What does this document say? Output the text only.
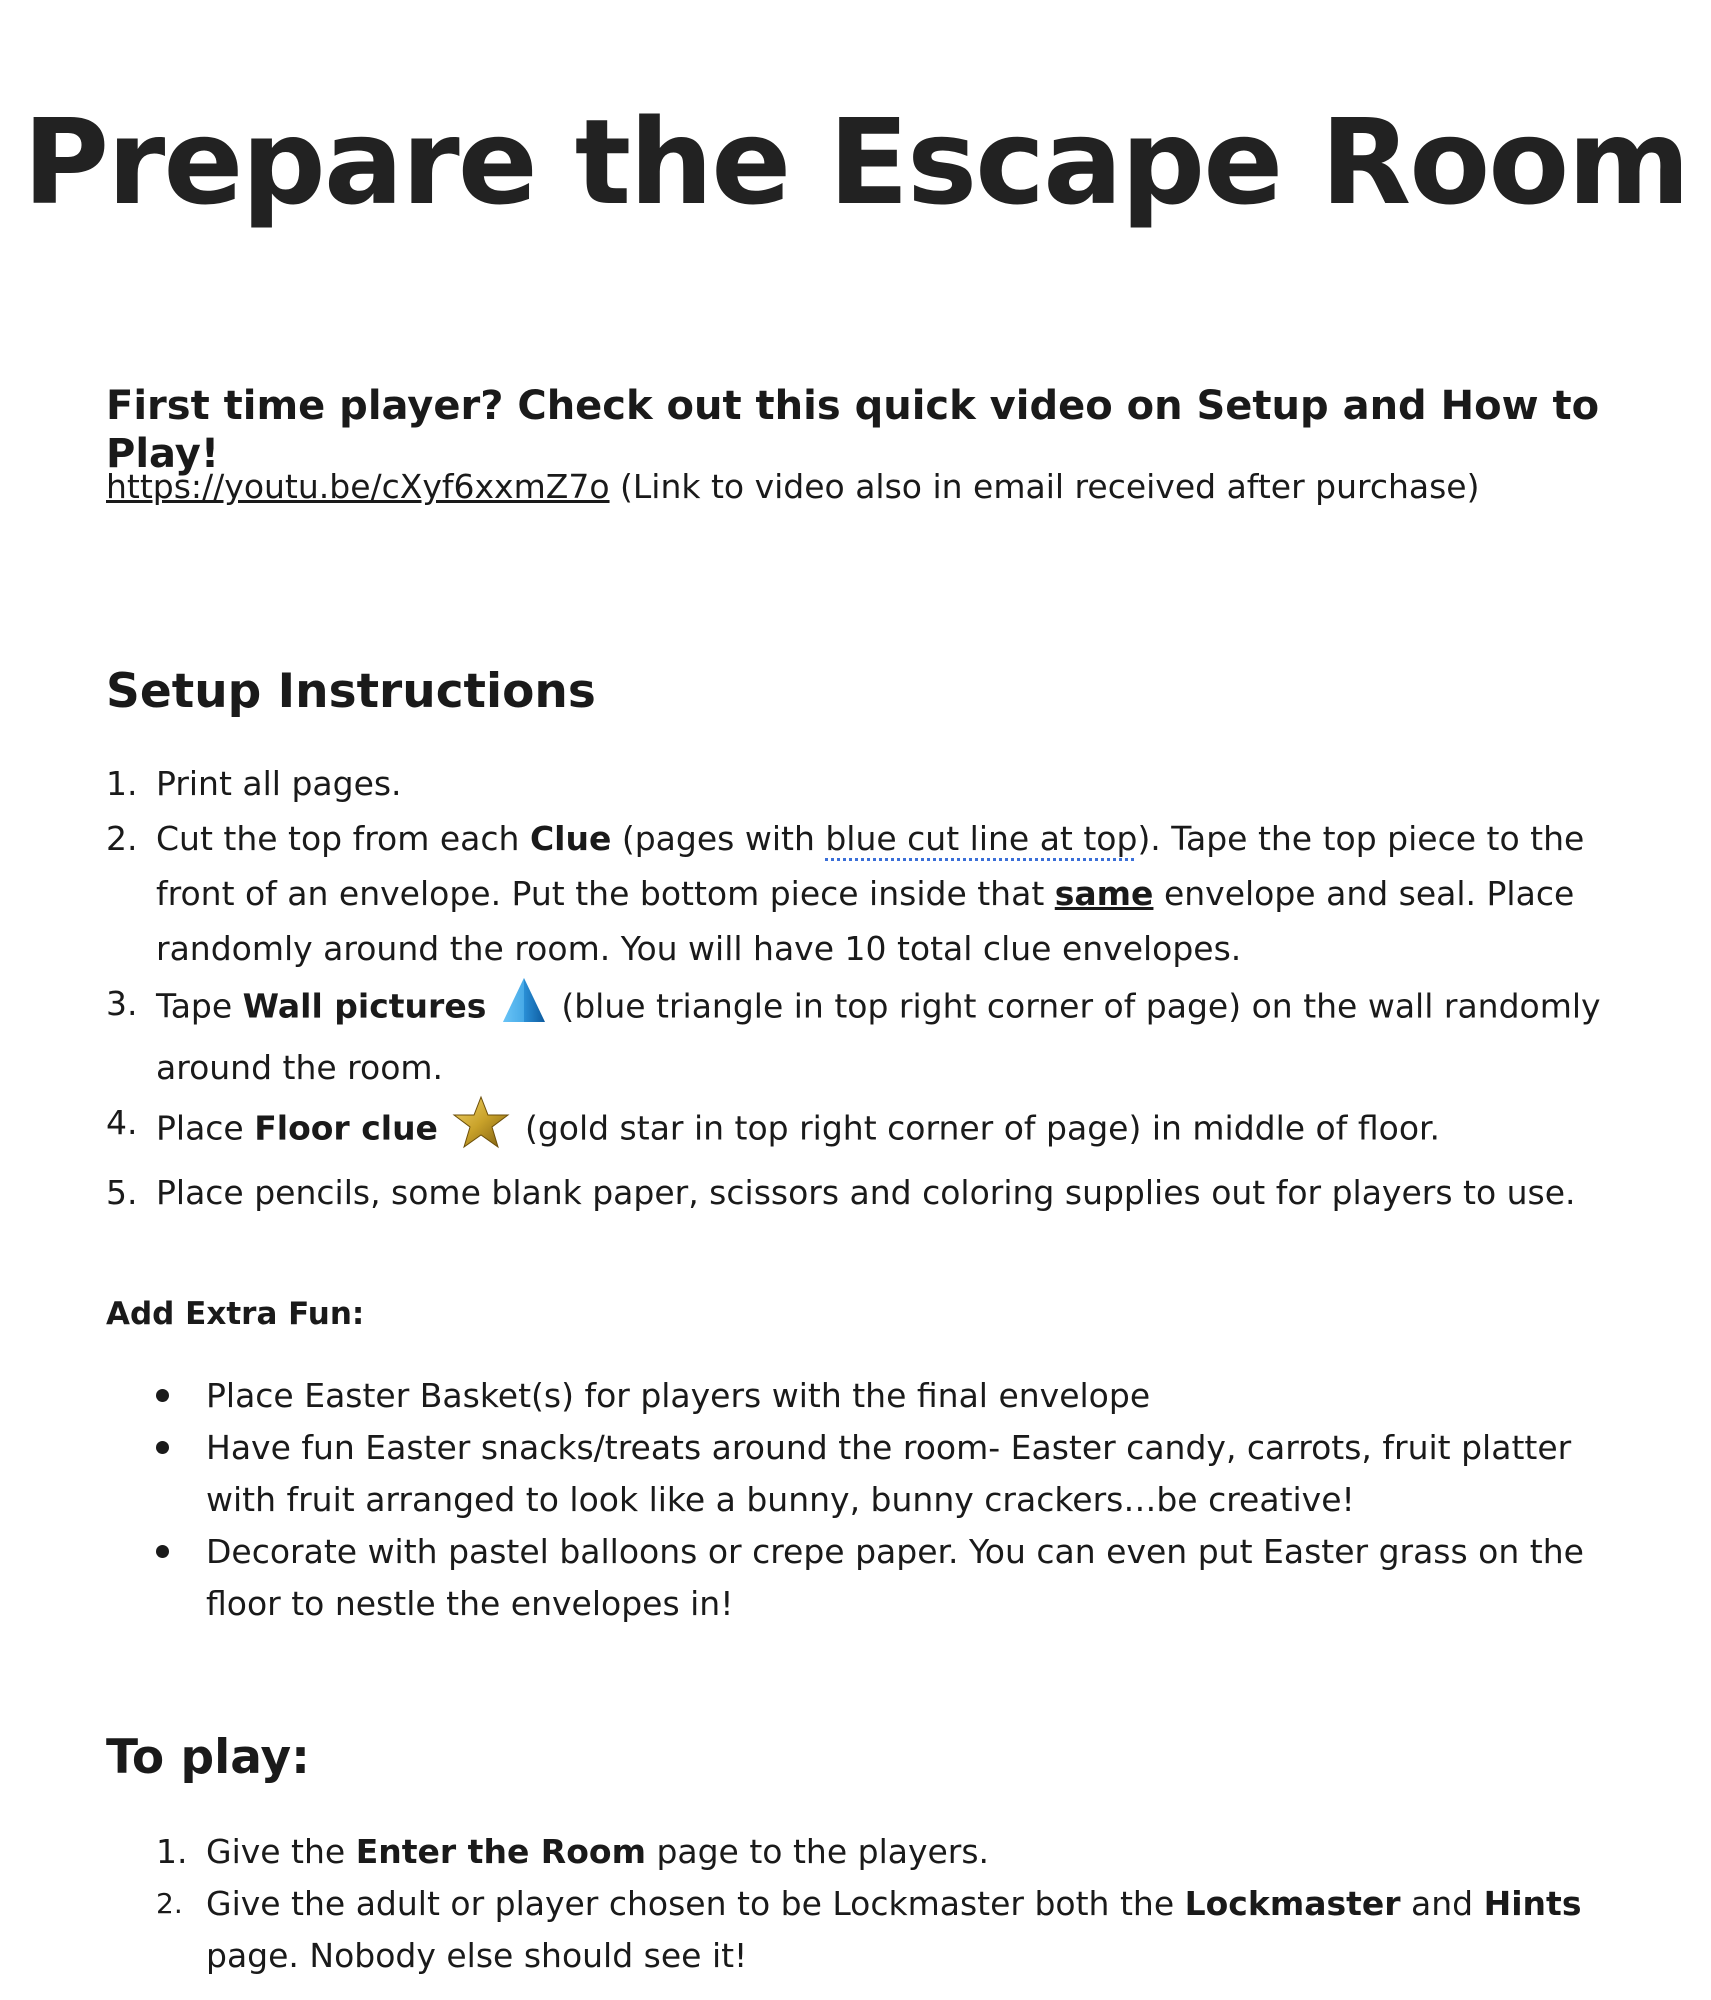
Prepare the Escape Room
First time player? Check out this quick video on Setup and How to Play!
https://youtu.be/cXyf6xxmZ7o (Link to video also in email received after purchase)
Setup Instructions
1. Print all pages.
2. Cut the top from each Clue (pages with blue cut line at top). Tape the top piece to the front of an envelope. Put the bottom piece inside that same envelope and seal. Place randomly around the room. You will have 10 total clue envelopes.
3. Tape Wall pictures  (blue triangle in top right corner of page) on the wall randomly around the room.
4. Place Floor clue  (gold star in top right corner of page) in middle of floor.
5. Place pencils, some blank paper, scissors and coloring supplies out for players to use.
Add Extra Fun:
Place Easter Basket(s) for players with the final envelope
Have fun Easter snacks/treats around the room- Easter candy, carrots, fruit platter with fruit arranged to look like a bunny, bunny crackers…be creative!
Decorate with pastel balloons or crepe paper. You can even put Easter grass on the floor to nestle the envelopes in!
To play:
1. Give the Enter the Room page to the players.
2. Give the adult or player chosen to be Lockmaster both the Lockmaster and Hints page. Nobody else should see it!
